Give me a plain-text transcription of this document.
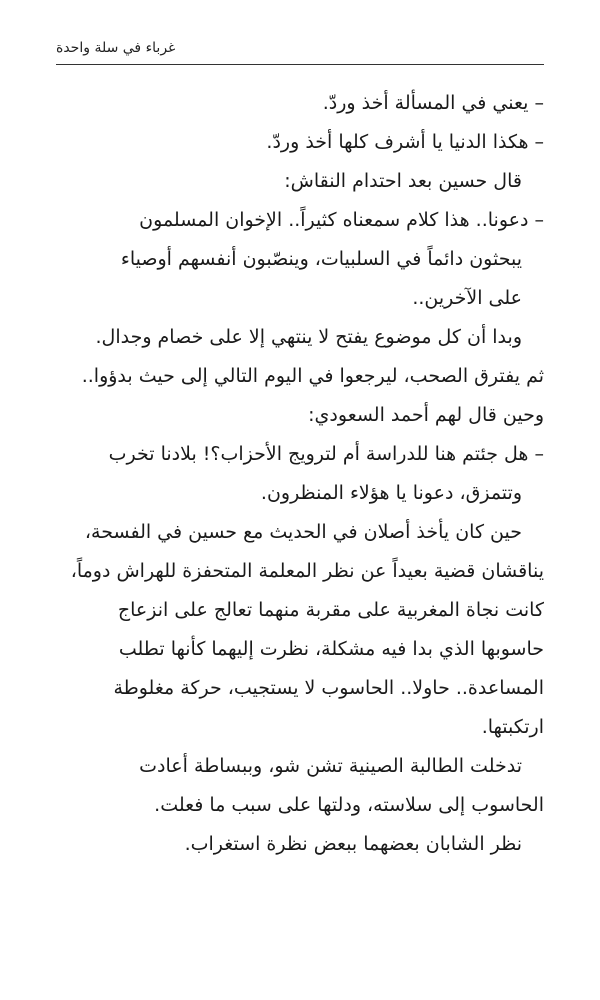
غرباء في سلة واحدة
– يعني في المسألة أخذ وردّ.
– هكذا الدنيا يا أشرف كلها أخذ وردّ.
قال حسين بعد احتدام النقاش:
– دعونا.. هذا كلام سمعناه كثيراً.. الإخوان المسلمون
يبحثون دائماً في السلبيات، وينصّبون أنفسهم أوصياء
على الآخرين..
وبدا أن كل موضوع يفتح لا ينتهي إلا على خصام وجدال.
ثم يفترق الصحب، ليرجعوا في اليوم التالي إلى حيث بدؤوا..
وحين قال لهم أحمد السعودي:
– هل جئتم هنا للدراسة أم لترويج الأحزاب؟! بلادنا تخرب
وتتمزق، دعونا يا هؤلاء المنظرون.
حين كان يأخذ أصلان في الحديث مع حسين في الفسحة،
يناقشان قضية بعيداً عن نظر المعلمة المتحفزة للهراش دوماً،
كانت نجاة المغربية على مقربة منهما تعالج على انزعاج
حاسوبها الذي بدا فيه مشكلة، نظرت إليهما كأنها تطلب
المساعدة.. حاولا.. الحاسوب لا يستجيب، حركة مغلوطة
ارتكبتها.
تدخلت الطالبة الصينية تشن شو، وببساطة أعادت
الحاسوب إلى سلاسته، ودلتها على سبب ما فعلت.
نظر الشابان بعضهما ببعض نظرة استغراب.
